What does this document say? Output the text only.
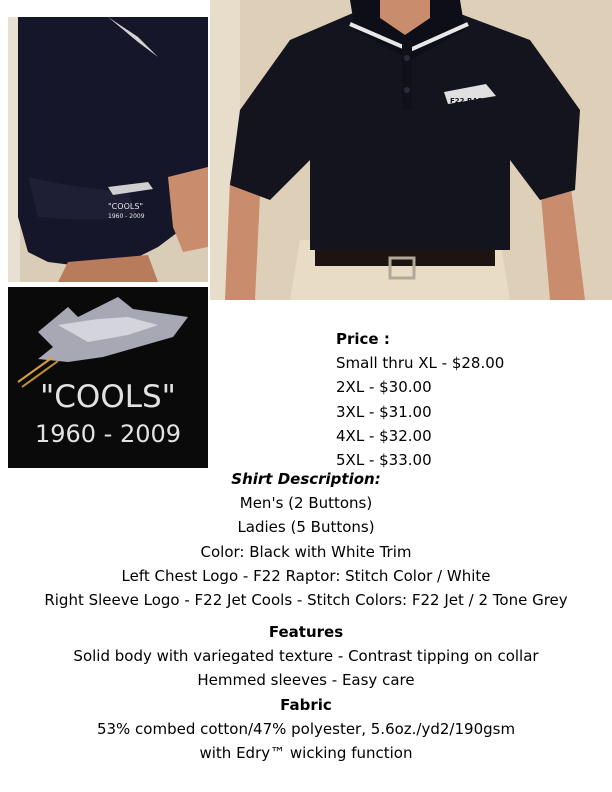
"COOLS"
1960 - 2009
F22 RAPTOR
"COOLS"
1960 - 2009
Price :
Small thru XL - $28.00
2XL - $30.00
3XL - $31.00
4XL - $32.00
5XL - $33.00
Shirt Description:
Men's (2 Buttons)
Ladies (5 Buttons)
Color: Black with White Trim
Left Chest Logo - F22 Raptor: Stitch Color / White
Right Sleeve Logo - F22 Jet Cools - Stitch Colors: F22 Jet / 2 Tone Grey
Features
Solid body with variegated texture - Contrast tipping on collar
Hemmed sleeves - Easy care
Fabric
53% combed cotton/47% polyester, 5.6oz./yd2/190gsm
with Edry™ wicking function
